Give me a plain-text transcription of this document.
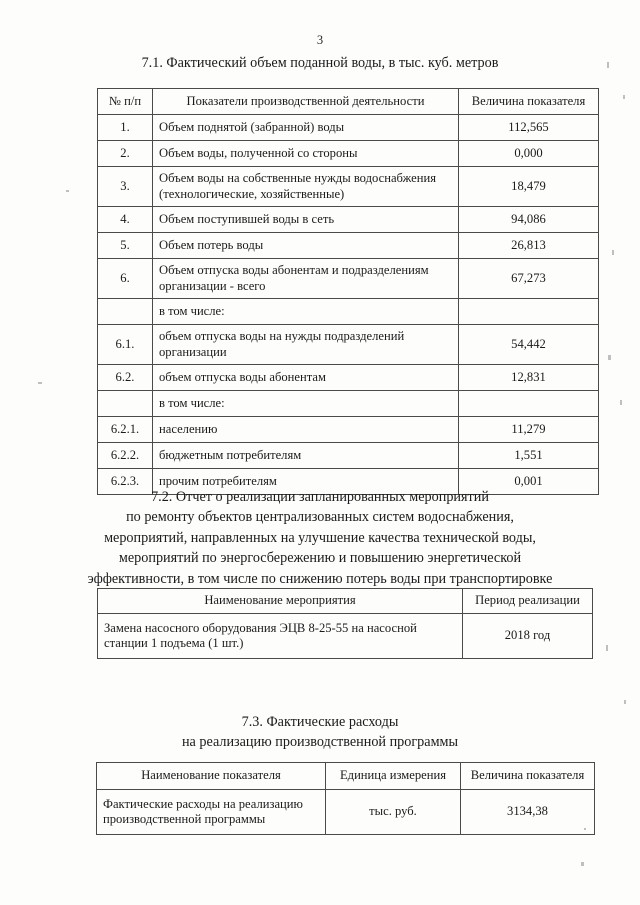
3
7.1. Фактический объем поданной воды, в тыс. куб. метров
№ п/п	Показатели производственной деятельности	Величина показателя
1.	Объем поднятой (забранной) воды	112,565
2.	Объем воды, полученной со стороны	0,000
3.	Объем воды на собственные нужды водоснабжения (технологические, хозяйственные)	18,479
4.	Объем поступившей воды в сеть	94,086
5.	Объем потерь воды	26,813
6.	Объем отпуска воды абонентам и подразделениям организации - всего	67,273
	в том числе:	
6.1.	объем отпуска воды на нужды подразделений организации	54,442
6.2.	объем отпуска воды абонентам	12,831
	в том числе:	
6.2.1.	населению	11,279
6.2.2.	бюджетным потребителям	1,551
6.2.3.	прочим потребителям	0,001
7.2. Отчет о реализации запланированных мероприятий
по ремонту объектов централизованных систем водоснабжения,
мероприятий, направленных на улучшение качества технической воды,
мероприятий по энергосбережению и повышению энергетической
эффективности, в том числе по снижению потерь воды при транспортировке
Наименование мероприятия	Период реализации
Замена насосного оборудования ЭЦВ 8-25-55 на насосной станции 1 подъема (1 шт.)	2018 год
7.3. Фактические расходы
на реализацию производственной программы
Наименование показателя	Единица измерения	Величина показателя
Фактические расходы на реализацию производственной программы	тыс. руб.	3134,38
